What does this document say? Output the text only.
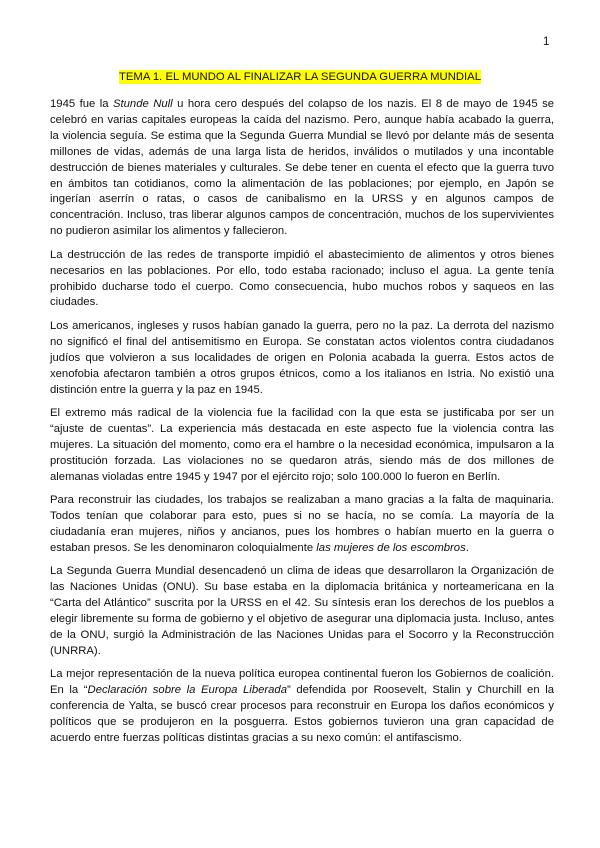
1
TEMA 1. EL MUNDO AL FINALIZAR LA SEGUNDA GUERRA MUNDIAL

1945 fue la Stunde Null u hora cero después del colapso de los nazis. El 8 de mayo de 1945 se celebró en varias capitales europeas la caída del nazismo. Pero, aunque había acabado la guerra, la violencia seguía. Se estima que la Segunda Guerra Mundial se llevó por delante más de sesenta millones de vidas, además de una larga lista de heridos, inválidos o mutilados y una incontable destrucción de bienes materiales y culturales. Se debe tener en cuenta el efecto que la guerra tuvo en ámbitos tan cotidianos, como la alimentación de las poblaciones; por ejemplo, en Japón se ingerían aserrín o ratas, o casos de canibalismo en la URSS y en algunos campos de concentración. Incluso, tras liberar algunos campos de concentración, muchos de los supervivientes no pudieron asimilar los alimentos y fallecieron.

La destrucción de las redes de transporte impidió el abastecimiento de alimentos y otros bienes necesarios en las poblaciones. Por ello, todo estaba racionado; incluso el agua. La gente tenía prohibido ducharse todo el cuerpo. Como consecuencia, hubo muchos robos y saqueos en las ciudades.

Los americanos, ingleses y rusos habían ganado la guerra, pero no la paz. La derrota del nazismo no significó el final del antisemitismo en Europa. Se constatan actos violentos contra ciudadanos judíos que volvieron a sus localidades de origen en Polonia acabada la guerra. Estos actos de xenofobia afectaron también a otros grupos étnicos, como a los italianos en Istria. No existió una distinción entre la guerra y la paz en 1945.

El extremo más radical de la violencia fue la facilidad con la que esta se justificaba por ser un “ajuste de cuentas”. La experiencia más destacada en este aspecto fue la violencia contra las mujeres. La situación del momento, como era el hambre o la necesidad económica, impulsaron a la prostitución forzada. Las violaciones no se quedaron atrás, siendo más de dos millones de alemanas violadas entre 1945 y 1947 por el ejército rojo; solo 100.000 lo fueron en Berlín.

Para reconstruir las ciudades, los trabajos se realizaban a mano gracias a la falta de maquinaria. Todos tenían que colaborar para esto, pues si no se hacía, no se comía. La mayoría de la ciudadanía eran mujeres, niños y ancianos, pues los hombres o habían muerto en la guerra o estaban presos. Se les denominaron coloquialmente las mujeres de los escombros.

La Segunda Guerra Mundial desencadenó un clima de ideas que desarrollaron la Organización de las Naciones Unidas (ONU). Su base estaba en la diplomacia británica y norteamericana en la “Carta del Atlántico” suscrita por la URSS en el 42. Su síntesis eran los derechos de los pueblos a elegir libremente su forma de gobierno y el objetivo de asegurar una diplomacia justa. Incluso, antes de la ONU, surgió la Administración de las Naciones Unidas para el Socorro y la Reconstrucción (UNRRA).

La mejor representación de la nueva política europea continental fueron los Gobiernos de coalición. En la “Declaración sobre la Europa Liberada” defendida por Roosevelt, Stalin y Churchill en la conferencia de Yalta, se buscó crear procesos para reconstruir en Europa los daños económicos y políticos que se produjeron en la posguerra. Estos gobiernos tuvieron una gran capacidad de acuerdo entre fuerzas políticas distintas gracias a su nexo común: el antifascismo.
